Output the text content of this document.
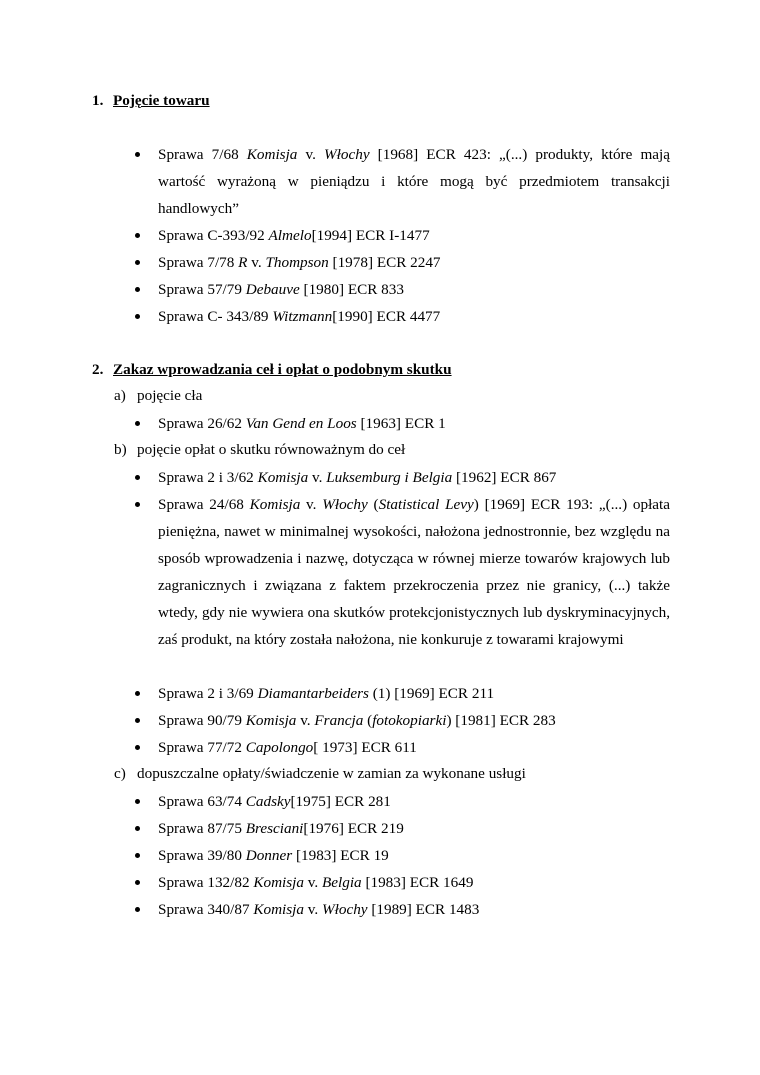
1. Pojęcie towaru
Sprawa 7/68 Komisja v. Włochy [1968] ECR 423: „(...) produkty, które mają wartość wyrażoną w pieniądzu i które mogą być przedmiotem transakcji handlowych”
Sprawa C-393/92 Almelo[1994] ECR I-1477
Sprawa 7/78 R v. Thompson [1978] ECR 2247
Sprawa 57/79 Debauve [1980] ECR 833
Sprawa C- 343/89 Witzmann[1990] ECR 4477
2. Zakaz wprowadzania ceł i opłat o podobnym skutku
a) pojęcie cła
Sprawa 26/62 Van Gend en Loos [1963] ECR 1
b) pojęcie opłat o skutku równoważnym do ceł
Sprawa 2 i 3/62 Komisja v. Luksemburg i Belgia [1962] ECR 867
Sprawa 24/68 Komisja v. Włochy (Statistical Levy) [1969] ECR 193: „(...) opłata pieniężna, nawet w minimalnej wysokości, nałożona jednostronnie, bez względu na sposób wprowadzenia i nazwę, dotycząca w równej mierze towarów krajowych lub zagranicznych i związana z faktem przekroczenia przez nie granicy, (...) także wtedy, gdy nie wywiera ona skutków protekcjonistycznych lub dyskryminacyjnych, zaś produkt, na który została nałożona, nie konkuruje z towarami krajowymi
Sprawa 2 i 3/69 Diamantarbeiders (1) [1969] ECR 211
Sprawa 90/79 Komisja v. Francja (fotokopiarki) [1981] ECR 283
Sprawa 77/72 Capolongo[ 1973] ECR 611
c) dopuszczalne opłaty/świadczenie w zamian za wykonane usługi
Sprawa 63/74 Cadsky[1975] ECR 281
Sprawa 87/75 Bresciani[1976] ECR 219
Sprawa 39/80 Donner [1983] ECR 19
Sprawa 132/82 Komisja v. Belgia [1983] ECR 1649
Sprawa 340/87 Komisja v. Włochy [1989] ECR 1483
